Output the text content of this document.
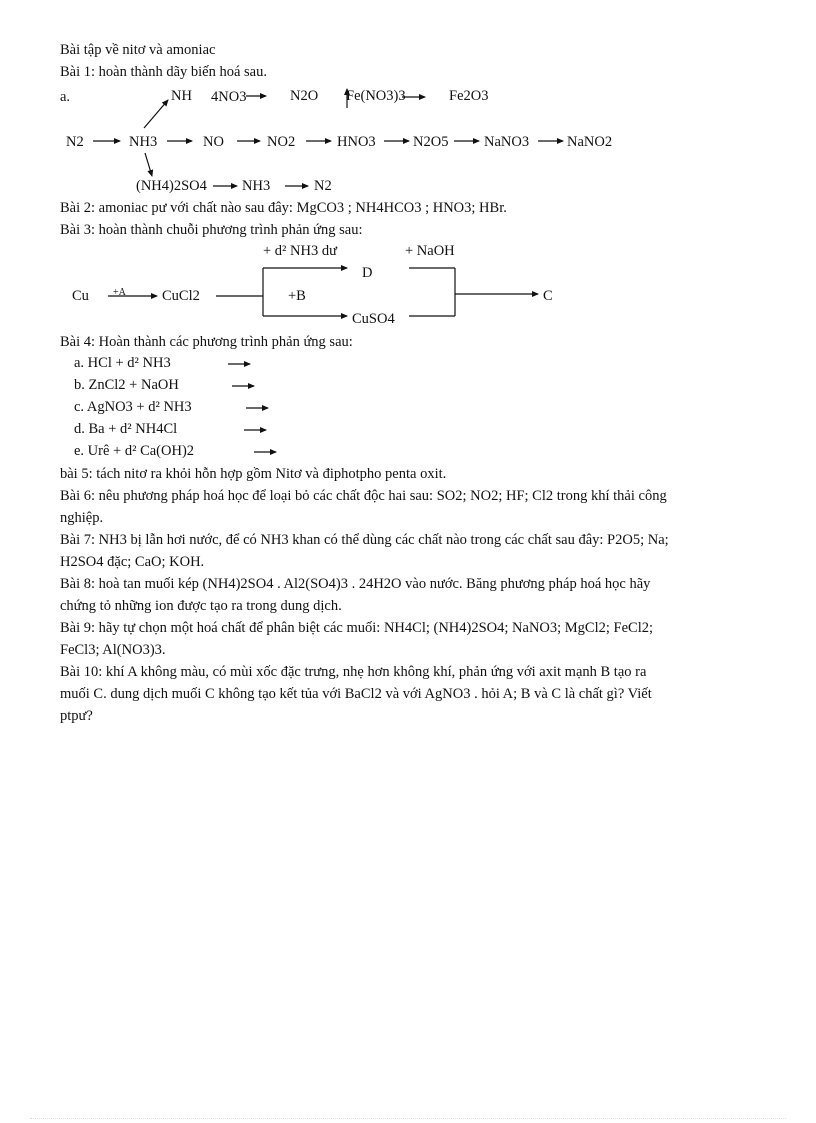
Bài tập về nitơ và amoniac
Bài 1: hoàn thành dãy biến hoá sau.
a.	NH 4NO3	N2O Fe(NO3)3	Fe2O3
N2	NH3	NO	NO2	HNO3	N2O5 NaNO3	NaNO2
(NH4)2SO4 NH3	N2
Bài 2: amoniac pư với chất nào sau đây: MgCO3 ; NH4HCO3 ; HNO3; HBr.
Bài 3: hoàn thành chuỗi phương trình phản ứng sau:
+ d² NH3 dư	+ NaOH
D
Cu +A CuCl2	+B	C
CuSO4
Bài 4: Hoàn thành các phương trình phản ứng sau:
a. HCl + d² NH3
b. ZnCl2 + NaOH
c. AgNO3 + d² NH3
d. Ba + d² NH4Cl
e. Urê + d² Ca(OH)2
bài 5: tách nitơ ra khỏi hỗn hợp gồm Nitơ và điphotpho penta oxit.
Bài 6: nêu phương pháp hoá học để loại bỏ các chất độc hai sau: SO2; NO2; HF; Cl2 trong khí thải công
nghiệp.
Bài 7: NH3 bị lẫn hơi nước, để có NH3 khan có thể dùng các chất nào trong các chất sau đây: P2O5; Na;
H2SO4 đặc; CaO; KOH.
Bài 8: hoà tan muối kép (NH4)2SO4 . Al2(SO4)3 . 24H2O vào nước. Băng phương pháp hoá học hãy
chứng tỏ những ion được tạo ra trong dung dịch.
Bài 9: hãy tự chọn một hoá chất để phân biệt các muối: NH4Cl; (NH4)2SO4; NaNO3; MgCl2; FeCl2;
FeCl3; Al(NO3)3.
Bài 10: khí A không màu, có mùi xốc đặc trưng, nhẹ hơn không khí, phản ứng với axit mạnh B tạo ra
muối C. dung dịch muối C không tạo kết tủa với BaCl2 và với AgNO3 . hỏi A; B và C là chất gì? Viết
ptpư?
